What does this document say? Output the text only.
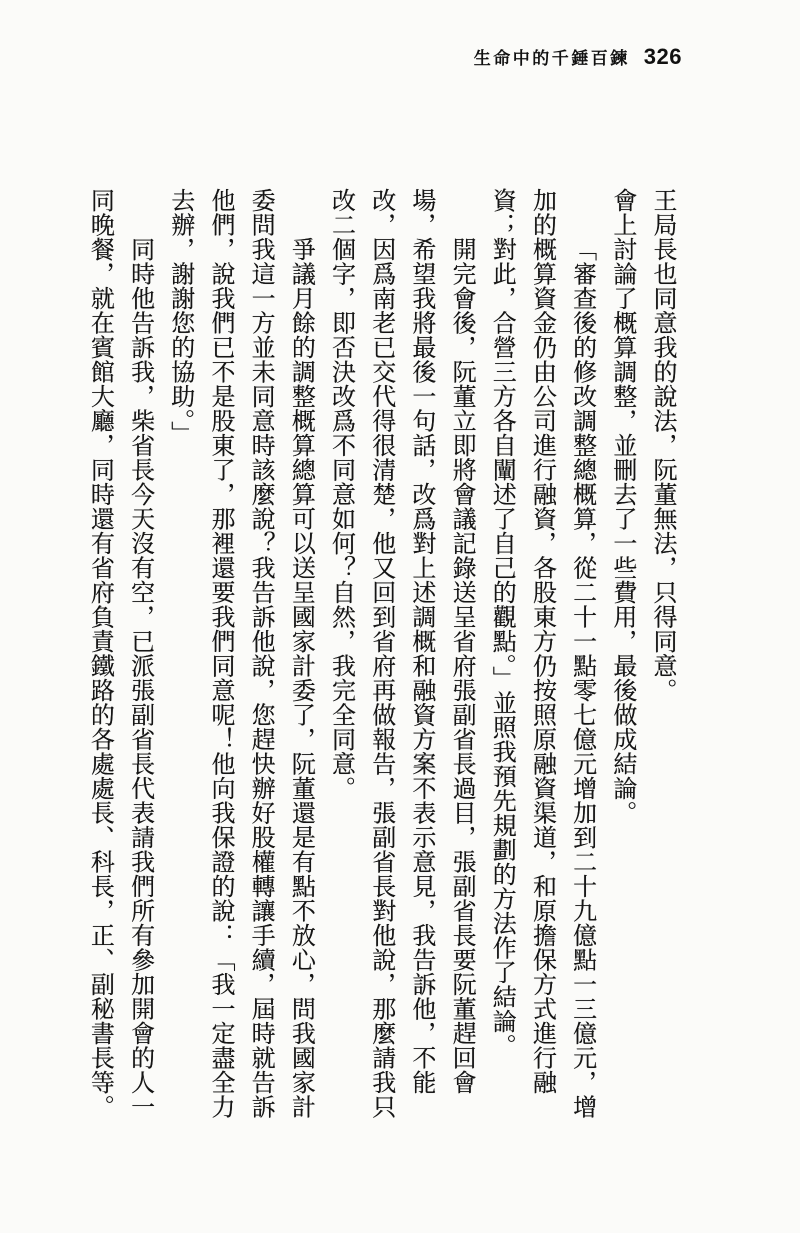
生命中的千錘百鍊 326
王局長也同意我的說法，阮董無法，只得同意。
會上討論了概算調整，並刪去了一些費用，最後做成結論。
「審查後的修改調整總概算，從二十一點零七億元增加到二十九億點一三億元，增
加的概算資金仍由公司進行融資，各股東方仍按照原融資渠道，和原擔保方式進行融
資；對此，合營三方各自闡述了自己的觀點。」並照我預先規劃的方法作了結論。
開完會後，阮董立即將會議記錄送呈省府張副省長過目，張副省長要阮董趕回會
場，希望我將最後一句話，改爲對上述調概和融資方案不表示意見，我告訴他，不能
改，因爲南老已交代得很清楚，他又回到省府再做報告，張副省長對他說，那麼請我只
改二個字，即否決改爲不同意如何？自然，我完全同意。
爭議月餘的調整概算總算可以送呈國家計委了，阮董還是有點不放心，問我國家計
委問我這一方並未同意時該麼說？我告訴他說，您趕快辦好股權轉讓手續，屆時就告訴
他們，說我們已不是股東了，那裡還要我們同意呢！他向我保證的說：「我一定盡全力
去辦，謝謝您的協助。」
同時他告訴我，柴省長今天沒有空，已派張副省長代表請我們所有參加開會的人一
同晚餐，就在賓館大廳，同時還有省府負責鐵路的各處處長、科長，正、副秘書長等。
